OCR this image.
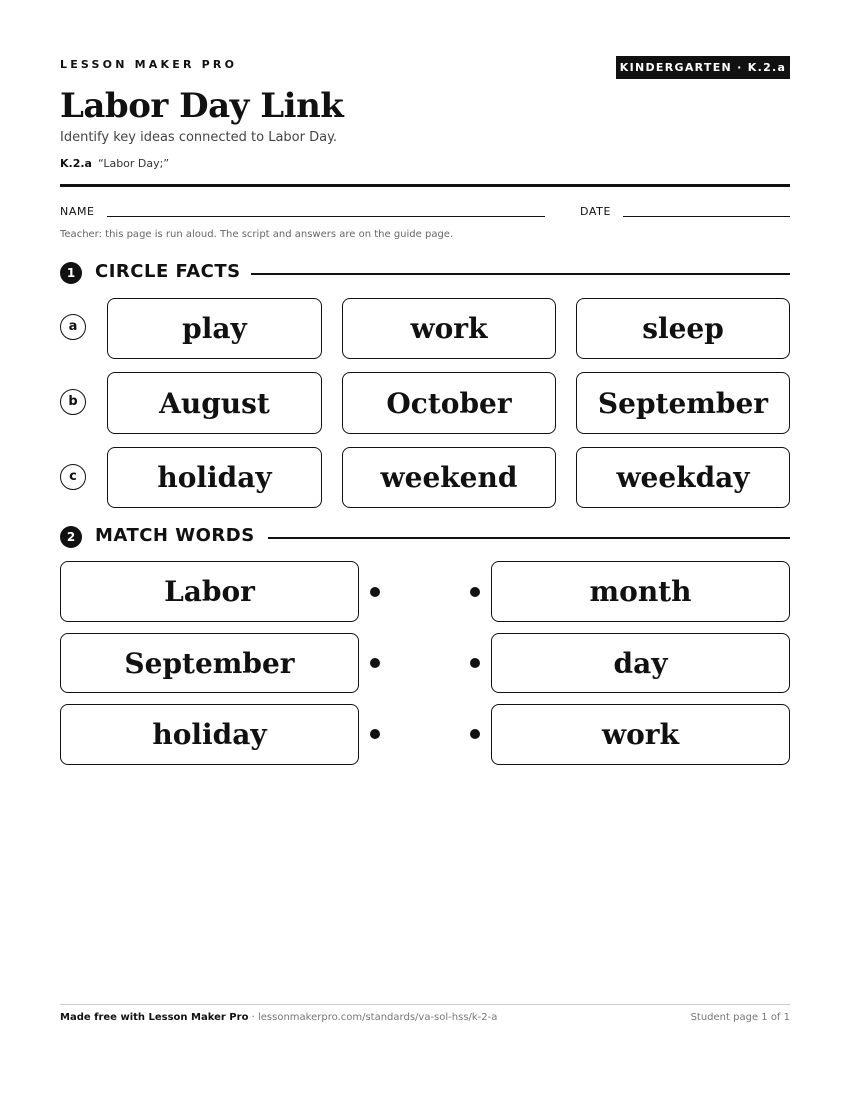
LESSON MAKER PRO	KINDERGARTEN · K.2.a
Labor Day Link
Identify key ideas connected to Labor Day.
K.2.a “Labor Day;”
NAME	DATE
Teacher: this page is run aloud. The script and answers are on the guide page.
1	CIRCLE FACTS
a	play	work	sleep
b	August	October	September
c	holiday	weekend	weekday
2	MATCH WORDS
Labor	month
September	day
holiday	work
Made free with Lesson Maker Pro · lessonmakerpro.com/standards/va-sol-hss/k-2-a	Student page 1 of 1
